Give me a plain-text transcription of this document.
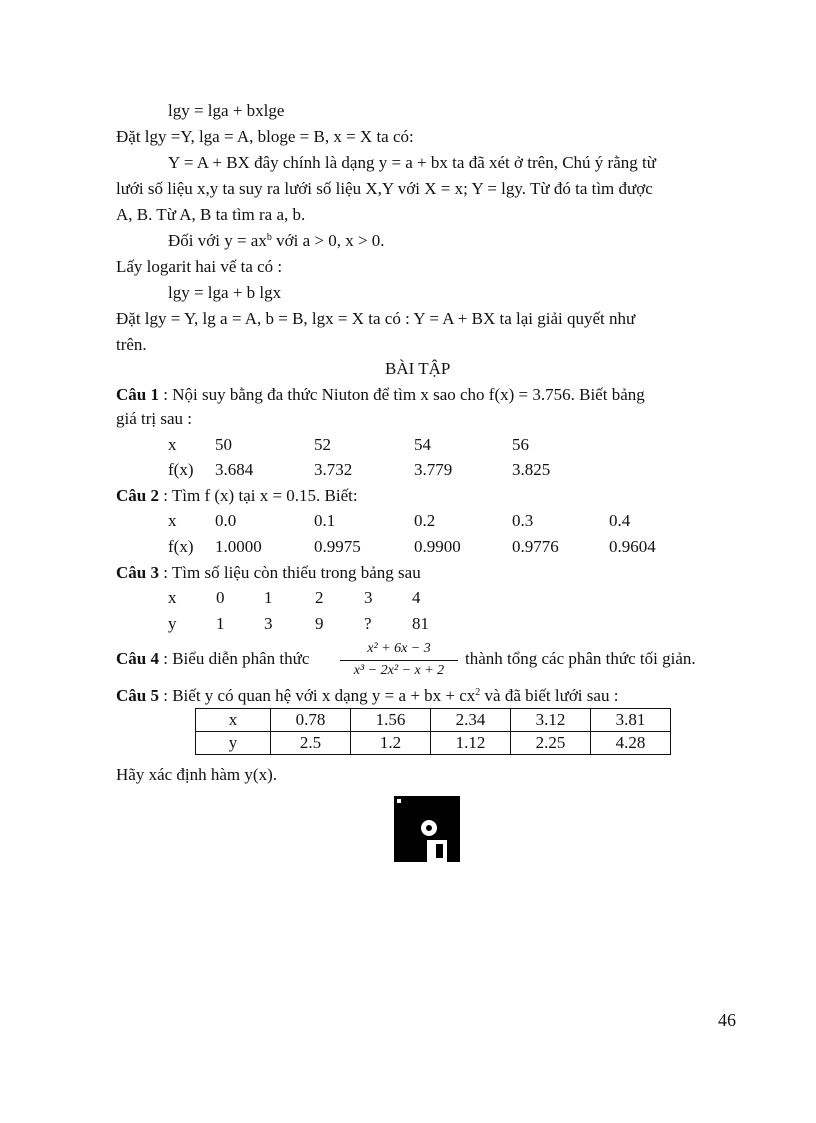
lgy = lga + bxlge
Đặt lgy =Y, lga = A, bloge = B, x = X ta có:
Y = A + BX đây chính là dạng y = a + bx ta đã xét ở trên, Chú ý rằng từ
lưới số liệu x,y ta suy ra lưới số liệu X,Y với X = x; Y = lgy. Từ đó ta tìm được
A, B. Từ A, B ta tìm ra a, b.
Đối với $y = ax^b$ với a > 0, x > 0.
Lấy logarit hai vế ta có :
lgy = lga + b lgx
Đặt lgy = Y, lg a = A, b = B, lgx = X ta có : Y = A + BX ta lại giải quyết như
trên.
BÀI TẬP
Câu 1 : Nội suy bằng đa thức Niuton để tìm x sao cho f(x) = 3.756. Biết bảng
giá trị sau :
x 50	52	54	56
f(x) 3.684	3.732	3.779	3.825
Câu 2 : Tìm f (x) tại x = 0.15. Biết:
x 0.0	0.1	0.2	0.3	0.4
f(x) 1.0000	0.9975	0.9900	0.9776	0.9604
Câu 3 : Tìm số liệu còn thiếu trong bảng sau
x 0 1	2 3 4
y 1 3	9 ? 81
Câu 4 : Biểu diễn phân thức
x² + 6x − 3
x³ − 2x² − x + 2
thành tổng các phân thức tối giản.
Câu 5 : Biết y có quan hệ với x dạng y = a + bx + $cx^2$ và đã biết lưới sau :
x	0.78	1.56	2.34	3.12	3.81
y	2.5	1.2	1.12	2.25	4.28
Hãy xác định hàm y(x).
46
